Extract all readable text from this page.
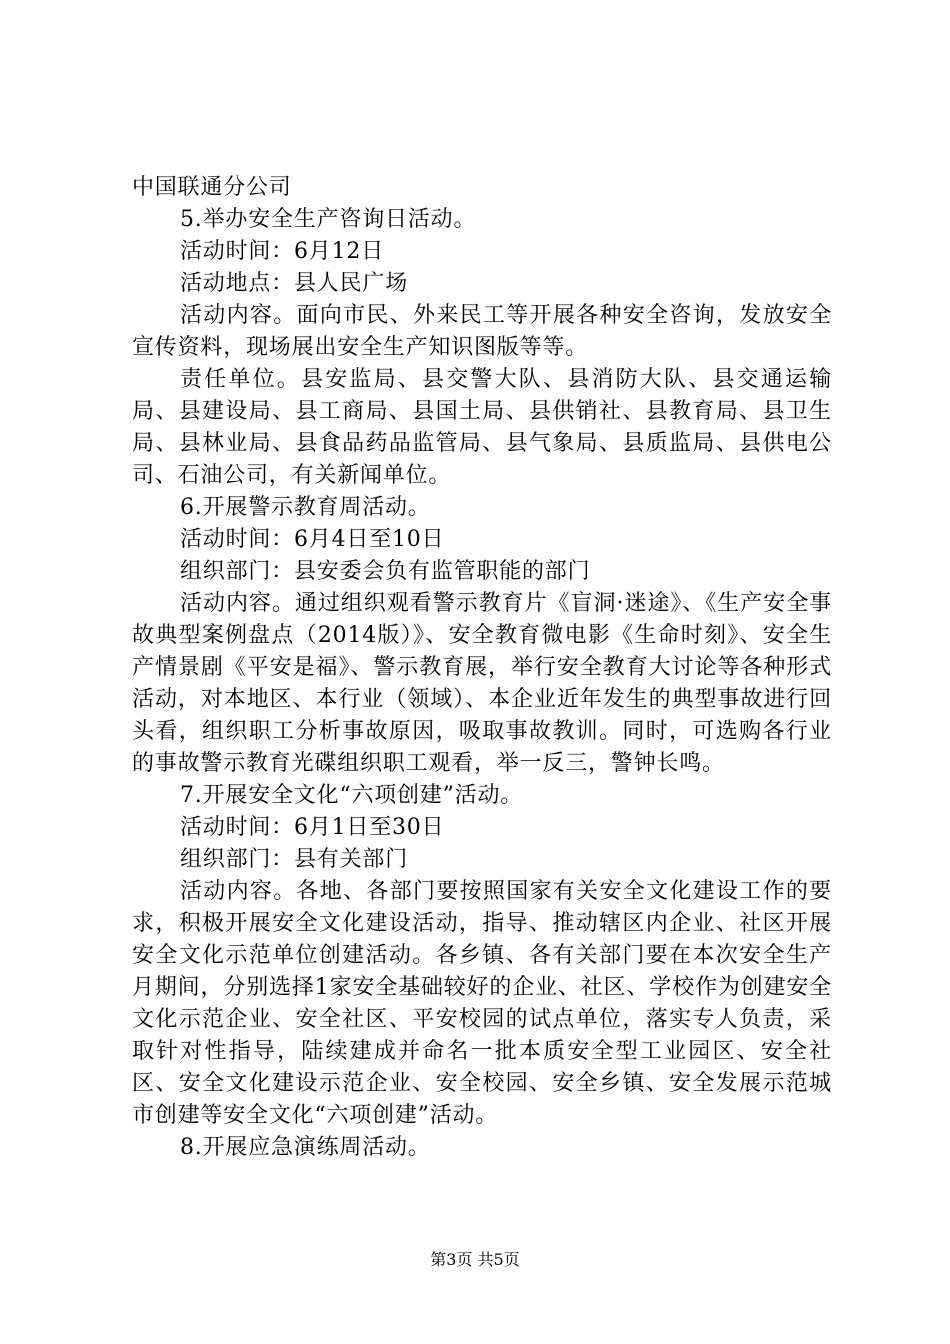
中国联通分公司

5.举办安全生产咨询日活动。

活动时间：6月12日

活动地点：县人民广场

活动内容。面向市民、外来民工等开展各种安全咨询，发放安全宣传资料，现场展出安全生产知识图版等等。

责任单位。县安监局、县交警大队、县消防大队、县交通运输局、县建设局、县工商局、县国土局、县供销社、县教育局、县卫生局、县林业局、县食品药品监管局、县气象局、县质监局、县供电公司、石油公司，有关新闻单位。

6.开展警示教育周活动。

活动时间：6月4日至10日

组织部门：县安委会负有监管职能的部门

活动内容。通过组织观看警示教育片《盲洞·迷途》、《生产安全事故典型案例盘点（2014版）》、安全教育微电影《生命时刻》、安全生产情景剧《平安是福》、警示教育展，举行安全教育大讨论等各种形式活动，对本地区、本行业（领域）、本企业近年发生的典型事故进行回头看，组织职工分析事故原因，吸取事故教训。同时，可选购各行业的事故警示教育光碟组织职工观看，举一反三，警钟长鸣。

7.开展安全文化“六项创建”活动。

活动时间：6月1日至30日

组织部门：县有关部门

活动内容。各地、各部门要按照国家有关安全文化建设工作的要求，积极开展安全文化建设活动，指导、推动辖区内企业、社区开展安全文化示范单位创建活动。各乡镇、各有关部门要在本次安全生产月期间，分别选择1家安全基础较好的企业、社区、学校作为创建安全文化示范企业、安全社区、平安校园的试点单位，落实专人负责，采取针对性指导，陆续建成并命名一批本质安全型工业园区、安全社区、安全文化建设示范企业、安全校园、安全乡镇、安全发展示范城市创建等安全文化“六项创建”活动。

8.开展应急演练周活动。

第3页 共5页
